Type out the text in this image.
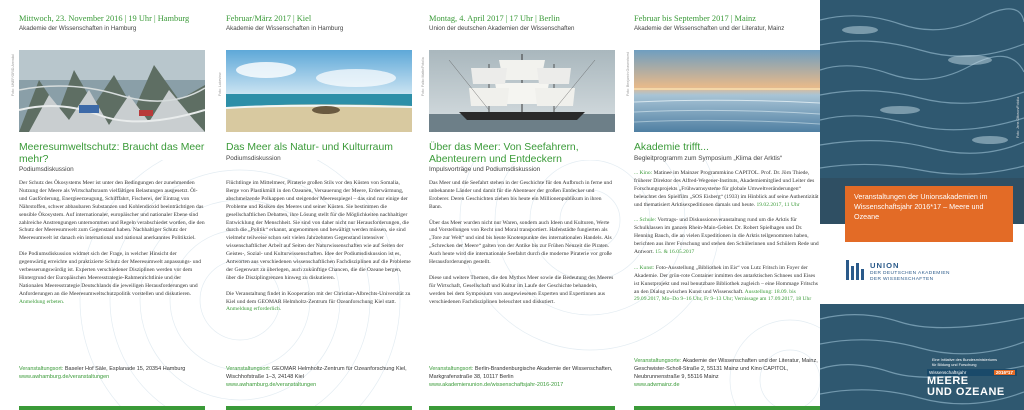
Mittwoch, 23. November 2016 | 19 Uhr | Hamburg
Akademie der Wissenschaften in Hamburg
Foto: UNEP/GRID-Arendal
Meeresumweltschutz: Braucht das Meer mehr?
Podiumsdiskussion

Der Schutz des Ökosystems Meer ist unter den Bedingungen der zunehmenden Nutzung der Meere als Wirtschaftsraum vielfältigen Belastungen ausgesetzt. Öl- und Gasförderung, Energieerzeugung, Schifffahrt, Fischerei, der Eintrag von Nährstoffen, schwer abbaubaren Substanzen und Kohlendioxid beeinträchtigen das sensible Ökosystem. Auf internationaler, europäischer und nationaler Ebene sind zahlreiche Anstrengungen unternommen und Regeln verabschiedet worden, die den Schutz der Meeresumwelt zum Gegenstand haben. Nachhaltiger Schutz der Meeresumwelt ist danach ein international und national anerkanntes Politikziel.

Die Podiumsdiskussion widmet sich der Frage, in welcher Hinsicht der gegenwärtig erreichte und praktizierte Schutz der Meeresumwelt anpassungs- und verbesserungswürdig ist. Experten verschiedener Disziplinen werden vor dem Hintergrund der Europäischen Meeresstrategie-Rahmenrichtlinie und der Nationalen Meeresstrategie Deutschlands die jeweiligen Herausforderungen und Anforderungen an die Meeresumweltschutzpolitik vorstellen und diskutieren. Anmeldung erbeten.

Veranstaltungsort: Baseler Hof Säle, Esplanade 15, 20354 Hamburg
www.awhamburg.de/veranstaltungen
Februar/März 2017 | Kiel
Akademie der Wissenschaften in Hamburg
Foto: Lakeview
Das Meer als Natur- und Kulturraum
Podiumsdiskussion

Flüchtlinge im Mittelmeer, Piraterie großen Stils vor den Küsten von Somalia, Berge von Plastikmüll in den Ozeanen, Versauerung der Meere, Erderwärmung, abschmelzende Polkappen und steigender Meeresspiegel – das sind nur einige der Probleme und Risiken des Meeres und seiner Küsten. Sie bestimmen die gesellschaftlichen Debatten, ihre Lösung stellt für die Möglichkeiten nachhaltiger Entwicklung der Menschheit. Sie sind von daher nicht nur Herausforderungen, die durch die „Politik“ erkannt, angenommen und bewältigt werden müssen, sie sind vielmehr teilweise schon seit vielen Jahrzehnten Gegenstand intensiver wissenschaftlicher Arbeit auf Seiten der Naturwissenschaften wie auf Seiten der Geistes-, Sozial- und Kulturwissenschaften. Idee der Podiumsdiskussion ist es, Antworten aus verschiedenen wissenschaftlichen Fachdisziplinen auf die Probleme der Gegenwart zu überlegen, auch zukünftige Chancen, die die Ozeane bergen, über die Disziplingrenzen hinweg zu diskutieren.

Die Veranstaltung findet in Kooperation mit der Christian-Albrechts-Universität zu Kiel und dem GEOMAR Helmholtz-Zentrum für Ozeanforschung Kiel statt. Anmeldung erforderlich.

Veranstaltungsort: GEOMAR Helmholtz-Zentrum für Ozeanforschung Kiel, Wischhofstraße 1–3, 24148 Kiel
www.awhamburg.de/veranstaltungen
Montag, 4. April 2017 | 17 Uhr | Berlin
Union der deutschen Akademien der Wissenschaften
Foto: Falko Matte/Fotolia
Über das Meer: Von Seefahrern, Abenteurern und Entdeckern
Impulsvorträge und Podiumsdiskussion

Das Meer und die Seefahrt stehen in der Geschichte für den Aufbruch in ferne und unbekannte Länder und damit für die Abenteuer der großen Entdecker und Eroberer. Deren Geschichten ziehen bis heute ein Millionenpublikum in ihren Bann.

Über das Meer wurden nicht nur Waren, sondern auch Ideen und Kulturen, Werte und Vorstellungen von Recht und Moral transportiert. Hafenstädte fungierten als „Tore zur Welt“ und sind bis heute Knotenpunkte des internationalen Handels. Als „Schrecken der Meere“ galten von der Antike bis zur Frühen Neuzeit die Piraten. Auch heute wird die internationale Seefahrt durch die moderne Piraterie vor große Herausforderungen gestellt.

Diese und weitere Themen, die den Mythos Meer sowie die Bedeutung des Meeres für Wirtschaft, Gesellschaft und Kultur im Laufe der Geschichte behandeln, werden bei dem Symposium von ausgewiesenen Experten und Expertinnen aus verschiedenen Fachdisziplinen beleuchtet und diskutiert.

Veranstaltungsort: Berlin-Brandenburgische Akademie der Wissenschaften, Markgrafenstraße 38, 10117 Berlin
www.akademienunion.de/wissenschaftsjahr-2016-2017
Februar bis September 2017 | Mainz
Akademie der Wissenschaften und der Literatur, Mainz
Foto: Benjamin Gravenhorst
Akademie trifft...
Begleitprogramm zum Symposium „Klima der Arktis“

... Kino: Matinee im Mainzer Programmkino CAPITOL. Prof. Dr. Jörn Thiede, früherer Direktor des Alfred-Wegener-Instituts, Akademiemitglied und Leiter des Forschungsprojekts „Frühwarnsysteme für globale Umweltveränderungen“ beleuchtet den Spielfilm „SOS Eisberg“ (1933) im Hinblick auf seine Authentizität und thematisiert Arktisexpeditionen damals und heute. 19.02.2017, 11 Uhr

... Schule: Vortrags- und Diskussionsveranstaltung rund um die Arktis für Schulklassen im ganzen Rhein-Main-Gebiet. Dr. Robert Spielhagen und Dr. Henning Bauch, die an vielen Expeditionen in die Arktis teilgenommen haben, berichten aus ihrer Forschung und stehen den Schülerinnen und Schülern Rede und Antwort. 15. & 16.05.2017

... Kunst: Foto-Ausstellung „Bibliothek im Eis“ von Lutz Fritsch im Foyer der Akademie. Der grün-rote Container inmitten des antarktischen Schnees und Eises ist Kunstprojekt und real benutzbare Bibliothek zugleich – eine Hommage Fritschs an den Dialog zwischen Kunst und Wissenschaft. Ausstellung: 18.09. bis 29.09.2017, Mo–Do 9–16 Uhr, Fr 9–13 Uhr; Vernissage am 17.09.2017, 18 Uhr

Veranstaltungsorte: Akademie der Wissenschaften und der Literatur, Mainz, Geschwister-Scholl-Straße 2, 55131 Mainz und Kino CAPITOL, Neubrunnenstraße 9, 55116 Mainz
www.adwmainz.de
Foto: Jens Ottoson/Fotolia
Veranstaltungen der Unionsakademien im Wissenschaftsjahr 2016*17 – Meere und Ozeane
UNION
DER DEUTSCHEN AKADEMIEN
DER WISSENSCHAFTEN
Eine Initiative des Bundesministeriums
für Bildung und Forschung
Wissenschaftsjahr	2016*17
MEERE
UND OZEANE
